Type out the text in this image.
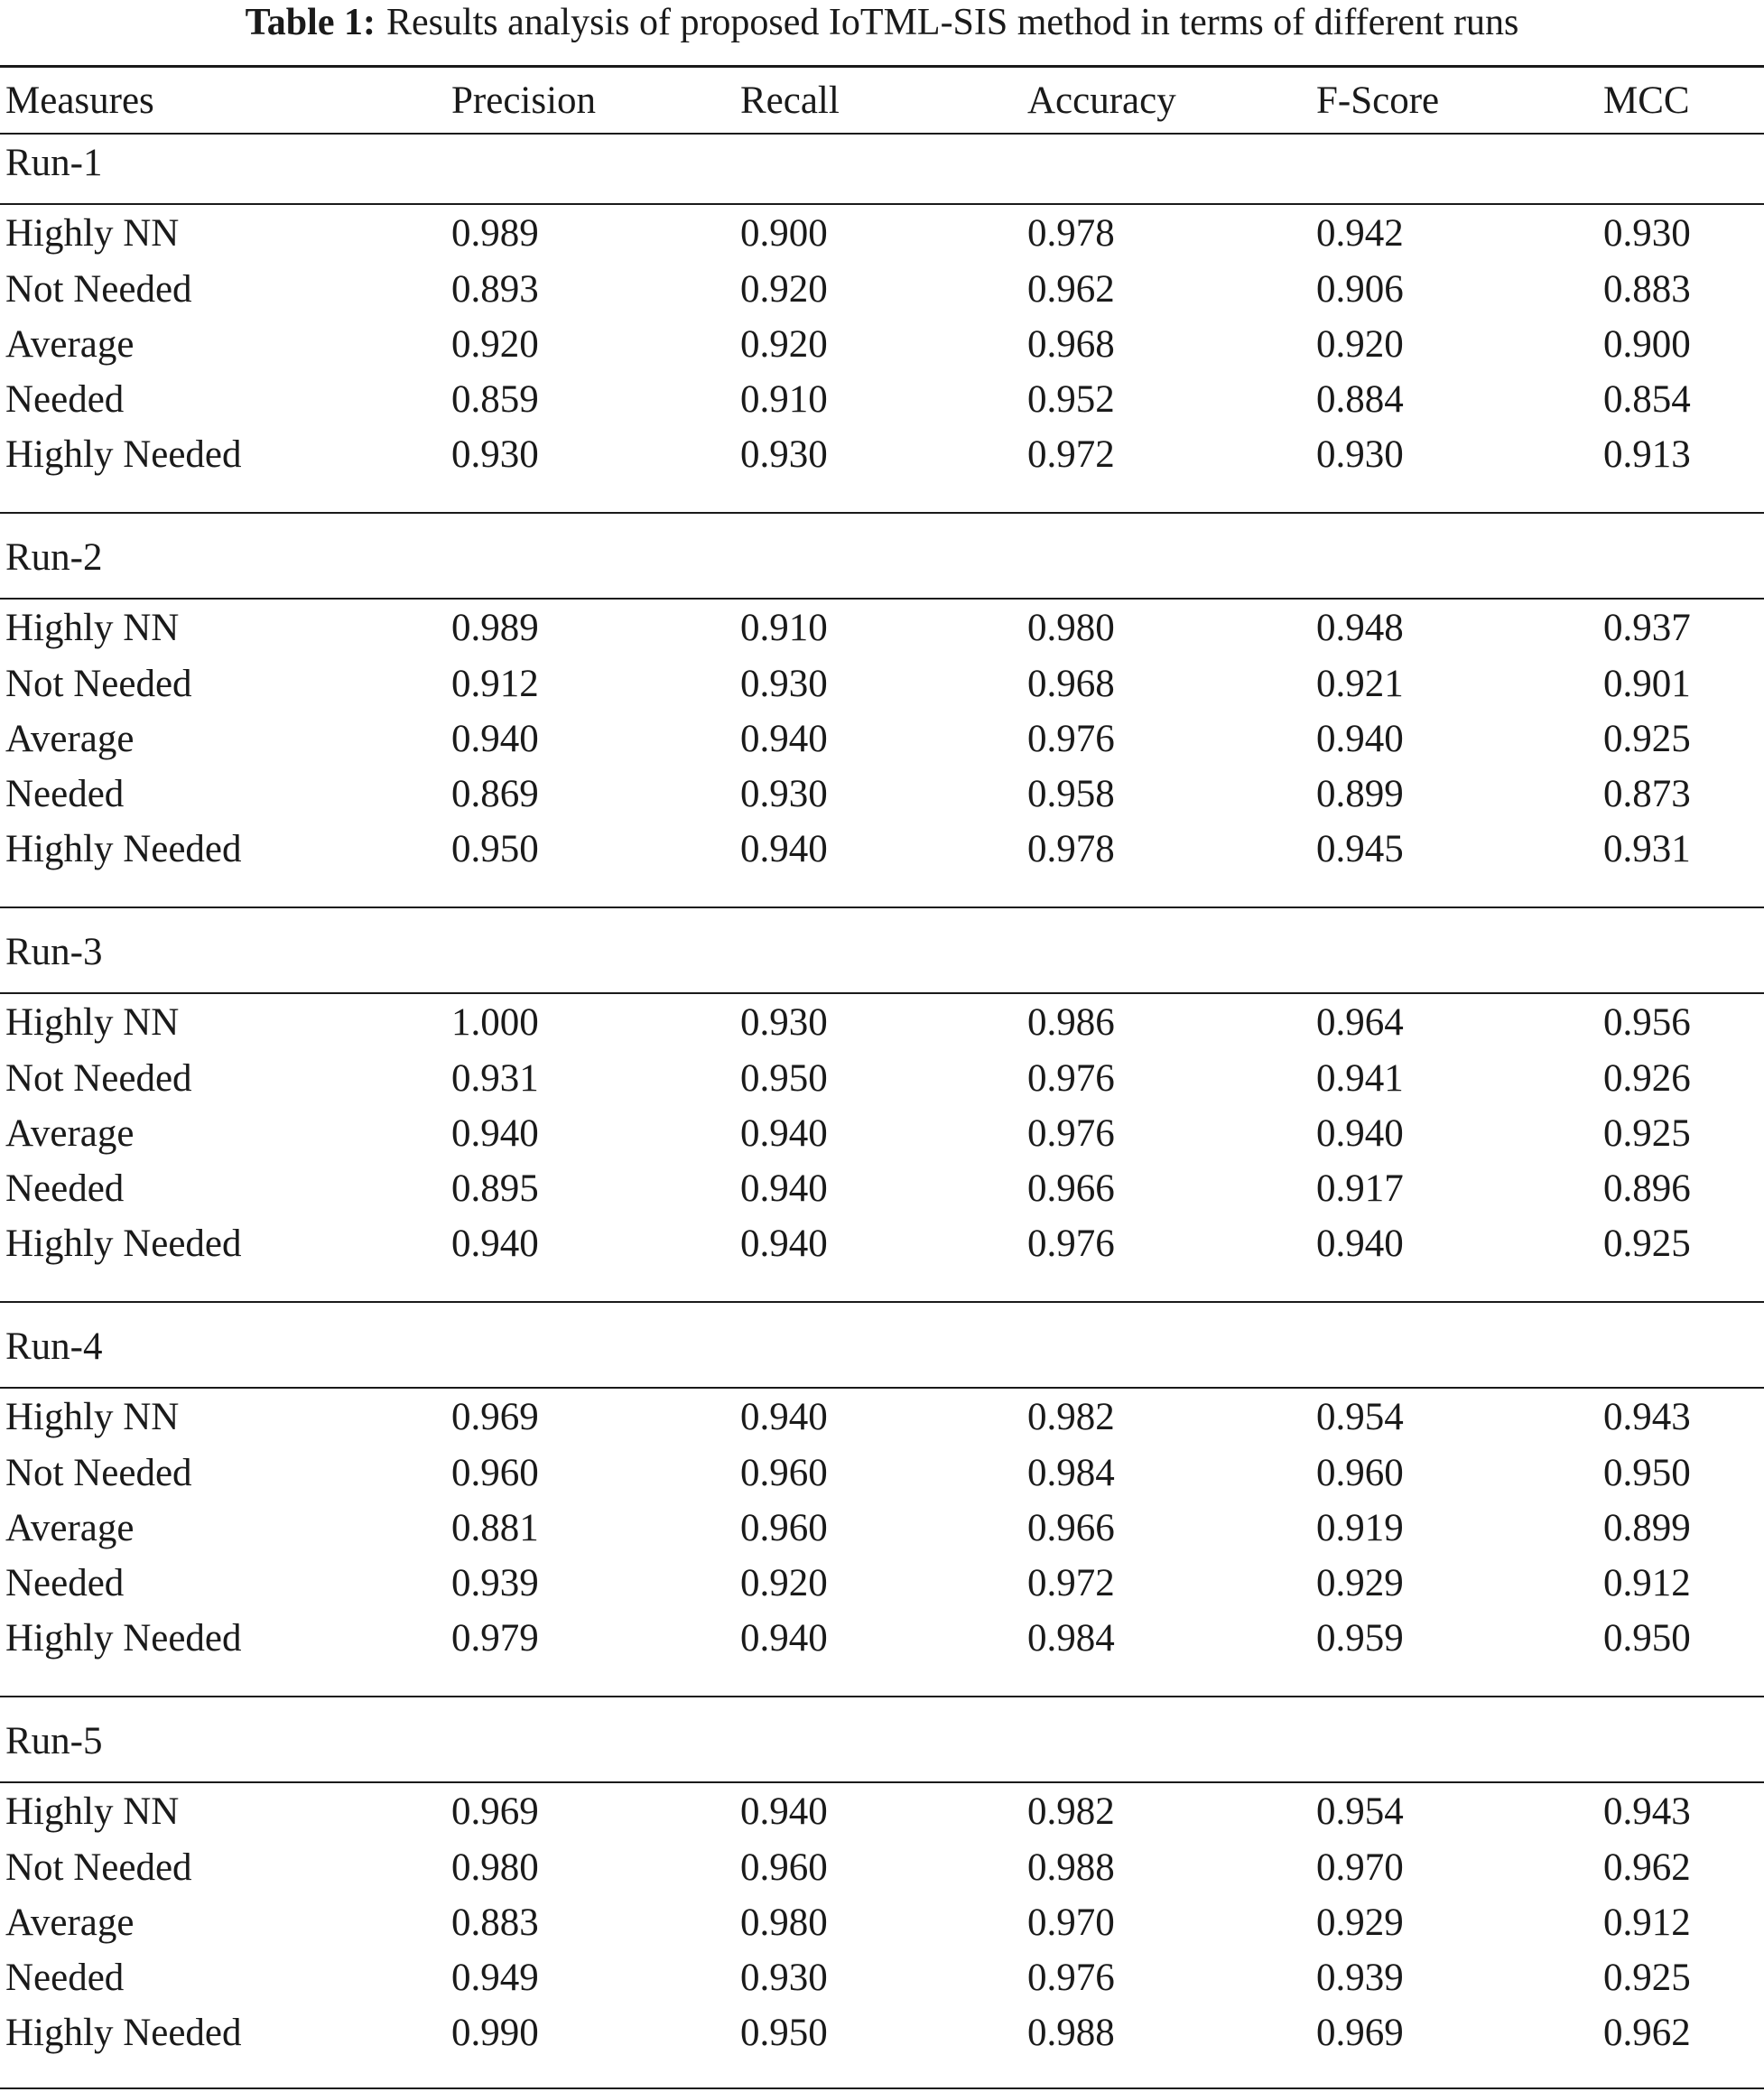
Table 1: Results analysis of proposed IoTML-SIS method in terms of different runs
Measures	Precision	Recall	Accuracy	F-Score	MCC
Run-1
Highly NN	0.989	0.900	0.978	0.942	0.930
Not Needed	0.893	0.920	0.962	0.906	0.883
Average	0.920	0.920	0.968	0.920	0.900
Needed	0.859	0.910	0.952	0.884	0.854
Highly Needed	0.930	0.930	0.972	0.930	0.913
Run-2
Highly NN	0.989	0.910	0.980	0.948	0.937
Not Needed	0.912	0.930	0.968	0.921	0.901
Average	0.940	0.940	0.976	0.940	0.925
Needed	0.869	0.930	0.958	0.899	0.873
Highly Needed	0.950	0.940	0.978	0.945	0.931
Run-3
Highly NN	1.000	0.930	0.986	0.964	0.956
Not Needed	0.931	0.950	0.976	0.941	0.926
Average	0.940	0.940	0.976	0.940	0.925
Needed	0.895	0.940	0.966	0.917	0.896
Highly Needed	0.940	0.940	0.976	0.940	0.925
Run-4
Highly NN	0.969	0.940	0.982	0.954	0.943
Not Needed	0.960	0.960	0.984	0.960	0.950
Average	0.881	0.960	0.966	0.919	0.899
Needed	0.939	0.920	0.972	0.929	0.912
Highly Needed	0.979	0.940	0.984	0.959	0.950
Run-5
Highly NN	0.969	0.940	0.982	0.954	0.943
Not Needed	0.980	0.960	0.988	0.970	0.962
Average	0.883	0.980	0.970	0.929	0.912
Needed	0.949	0.930	0.976	0.939	0.925
Highly Needed	0.990	0.950	0.988	0.969	0.962
